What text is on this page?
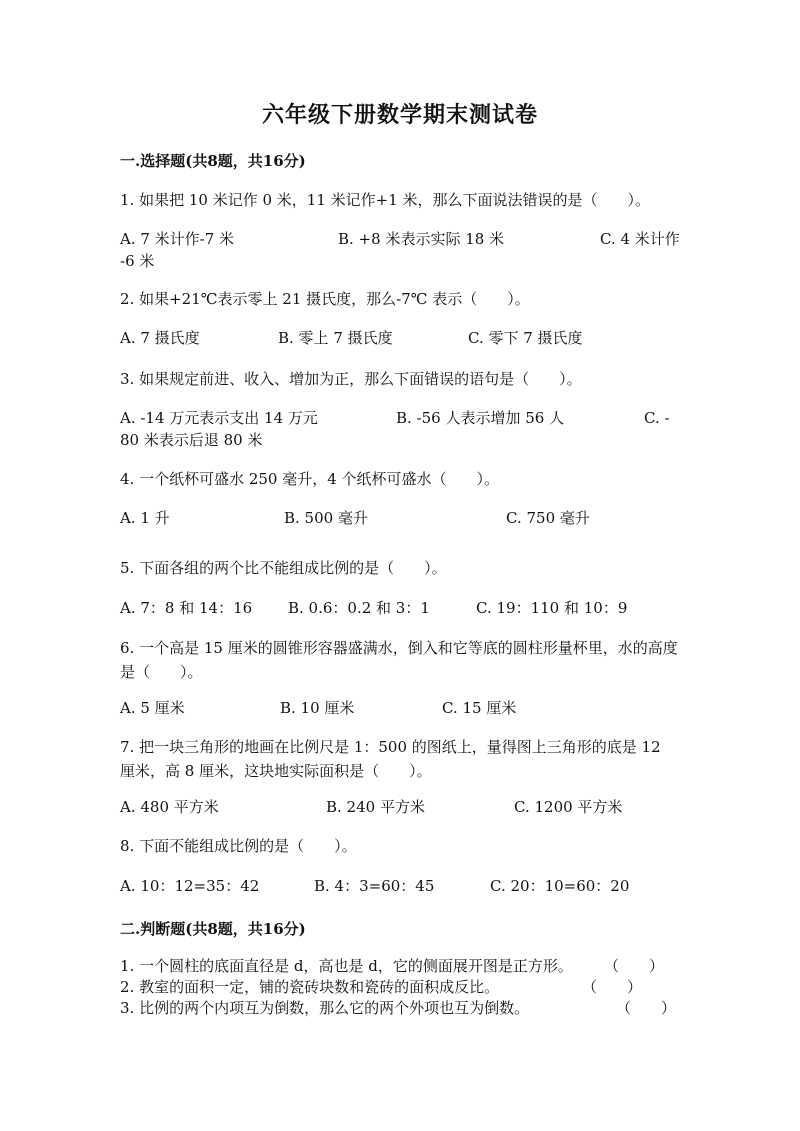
六年级下册数学期末测试卷
一.选择题(共8题，共16分)
1. 如果把 10 米记作 0 米，11 米记作+1 米，那么下面说法错误的是（　　）。
A. 7 米计作-7 米	B. +8 米表示实际 18 米	C. 4 米计作
-6 米
2. 如果+21℃表示零上 21 摄氏度，那么-7℃ 表示（　　）。
A. 7 摄氏度	B. 零上 7 摄氏度	C. 零下 7 摄氏度
3. 如果规定前进、收入、增加为正，那么下面错误的语句是（　　）。
A. -14 万元表示支出 14 万元	B. -56 人表示增加 56 人	C. -
80 米表示后退 80 米
4. 一个纸杯可盛水 250 毫升，4 个纸杯可盛水（　　）。
A. 1 升	B. 500 毫升	C. 750 毫升
5. 下面各组的两个比不能组成比例的是（　　）。
A. 7：8 和 14：16 B. 0.6：0.2 和 3：1	C. 19：110 和 10：9
6. 一个高是 15 厘米的圆锥形容器盛满水，倒入和它等底的圆柱形量杯里，水的高度是（　　）。
A. 5 厘米	B. 10 厘米	C. 15 厘米
7. 把一块三角形的地画在比例尺是 1：500 的图纸上，量得图上三角形的底是 12 厘米，高 8 厘米，这块地实际面积是（　　）。
A. 480 平方米	B. 240 平方米	C. 1200 平方米
8. 下面不能组成比例的是（　　）。
A. 10：12=35：42	B. 4：3=60：45	C. 20：10=60：20
二.判断题(共8题，共16分)
1. 一个圆柱的底面直径是 d，高也是 d，它的侧面展开图是正方形。 （　　）
2. 教室的面积一定，铺的瓷砖块数和瓷砖的面积成反比。	（　　）
3. 比例的两个内项互为倒数，那么它的两个外项也互为倒数。	（　　）
